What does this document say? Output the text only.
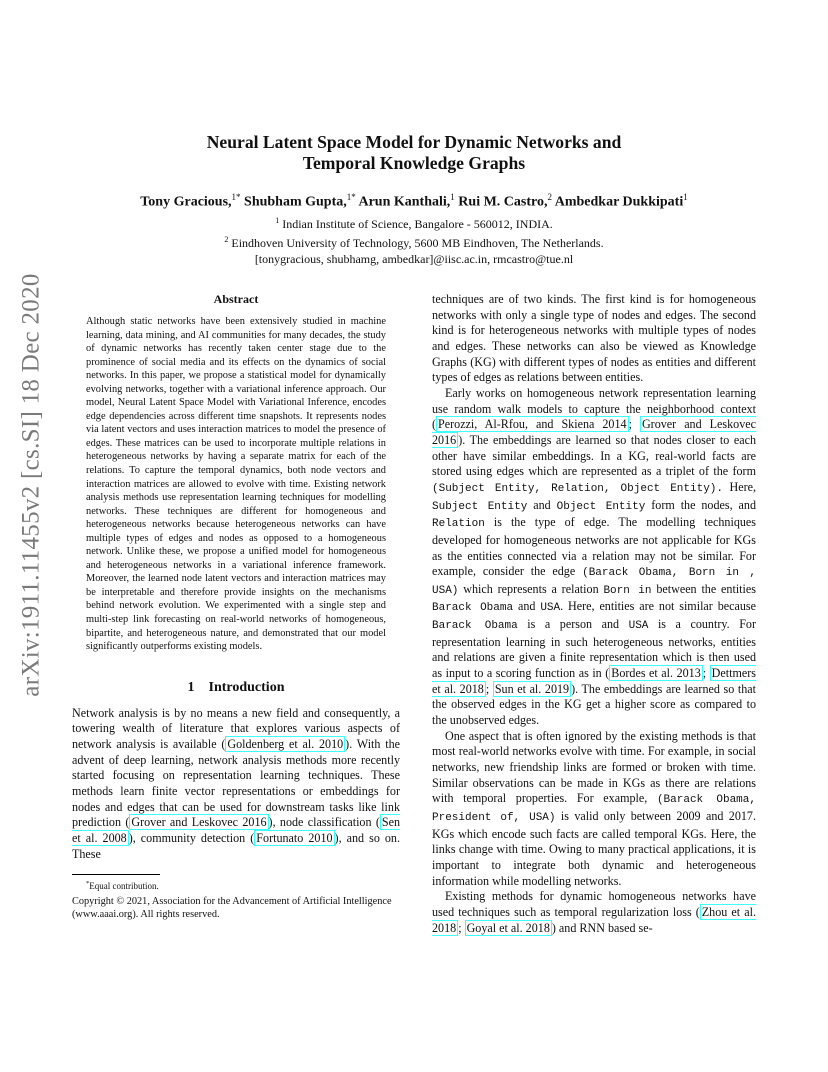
arXiv:1911.11455v2 [cs.SI] 18 Dec 2020
Neural Latent Space Model for Dynamic Networks and
Temporal Knowledge Graphs
Tony Gracious,$^{1*}$ Shubham Gupta,$^{1*}$ Arun Kanthali,$^1$ Rui M. Castro,$^2$ Ambedkar Dukkipati$^1$
$^1$ Indian Institute of Science, Bangalore - 560012, INDIA.
$^2$ Eindhoven University of Technology, 5600 MB Eindhoven, The Netherlands.
[tonygracious, shubhamg, ambedkar]@iisc.ac.in, rmcastro@tue.nl
Abstract
Although static networks have been extensively studied in machine learning, data mining, and AI communities for many decades, the study of dynamic networks has recently taken center stage due to the prominence of social media and its effects on the dynamics of social networks. In this paper, we propose a statistical model for dynamically evolving networks, together with a variational inference approach. Our model, Neural Latent Space Model with Variational Inference, encodes edge dependencies across different time snapshots. It represents nodes via latent vectors and uses interaction matrices to model the presence of edges. These matrices can be used to incorporate multiple relations in heterogeneous networks by having a separate matrix for each of the relations. To capture the temporal dynamics, both node vectors and interaction matrices are allowed to evolve with time. Existing network analysis methods use representation learning techniques for modelling networks. These techniques are different for homogeneous and heterogeneous networks because heterogeneous networks can have multiple types of edges and nodes as opposed to a homogeneous network. Unlike these, we propose a unified model for homogeneous and heterogeneous networks in a variational inference framework. Moreover, the learned node latent vectors and interaction matrices may be interpretable and therefore provide insights on the mechanisms behind network evolution. We experimented with a single step and multi-step link forecasting on real-world networks of homogeneous, bipartite, and heterogeneous nature, and demonstrated that our model significantly outperforms existing models.
1 Introduction

Network analysis is by no means a new field and consequently, a towering wealth of literature that explores various aspects of network analysis is available ( Goldenberg et al. 2010 ). With the advent of deep learning, network analysis methods more recently started focusing on representation learning techniques. These methods learn finite vector representations or embeddings for nodes and edges that can be used for downstream tasks like link prediction ( Grover and Leskovec 2016 ), node classification ( Sen et al. 2008 ), community detection ( Fortunato 2010 ), and so on. These

*Equal contribution.
Copyright © 2021, Association for the Advancement of Artificial Intelligence (www.aaai.org). All rights reserved.

techniques are of two kinds. The first kind is for homogeneous networks with only a single type of nodes and edges. The second kind is for heterogeneous networks with multiple types of nodes and edges. These networks can also be viewed as Knowledge Graphs (KG) with different types of nodes as entities and different types of edges as relations between entities.

Early works on homogeneous network representation learning use random walk models to capture the neighborhood context ( Perozzi, Al-Rfou, and Skiena 2014 ; Grover and Leskovec 2016 ). The embeddings are learned so that nodes closer to each other have similar embeddings. In a KG, real-world facts are stored using edges which are represented as a triplet of the form (Subject Entity, Relation, Object Entity). Here, Subject Entity and Object Entity form the nodes, and Relation is the type of edge. The modelling techniques developed for homogeneous networks are not applicable for KGs as the entities connected via a relation may not be similar. For example, consider the edge (Barack Obama, Born in , USA) which represents a relation Born in between the entities Barack Obama and USA. Here, entities are not similar because Barack Obama is a person and USA is a country. For representation learning in such heterogeneous networks, entities and relations are given a finite representation which is then used as input to a scoring function as in ( Bordes et al. 2013 ; Dettmers et al. 2018 ; Sun et al. 2019 ). The embeddings are learned so that the observed edges in the KG get a higher score as compared to the unobserved edges.

One aspect that is often ignored by the existing methods is that most real-world networks evolve with time. For example, in social networks, new friendship links are formed or broken with time. Similar observations can be made in KGs as there are relations with temporal properties. For example, (Barack Obama, President of, USA) is valid only between 2009 and 2017. KGs which encode such facts are called temporal KGs. Here, the links change with time. Owing to many practical applications, it is important to integrate both dynamic and heterogeneous information while modelling networks.

Existing methods for dynamic homogeneous networks have used techniques such as temporal regularization loss ( Zhou et al. 2018 ; Goyal et al. 2018 ) and RNN based se-
